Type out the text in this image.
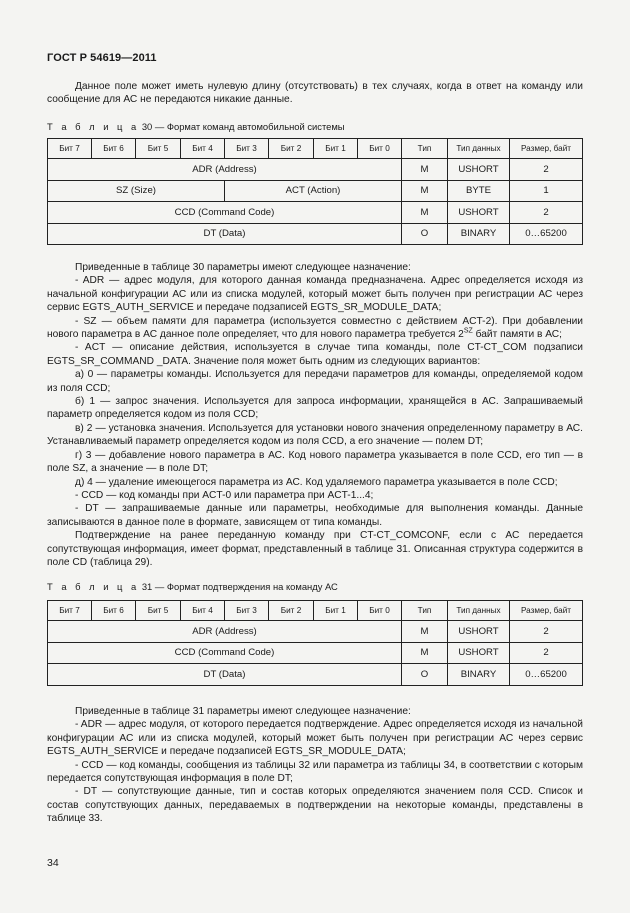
ГОСТ Р 54619—2011

Данное поле может иметь нулевую длину (отсутствовать) в тех случаях, когда в ответ на команду или сообщение для АС не передаются никакие данные.

Т а б л и ц а 30 — Формат команд автомобильной системы
Бит 7	Бит 6	Бит 5	Бит 4	Бит 3	Бит 2	Бит 1	Бит 0	Тип	Тип данных	Размер, байт
ADR (Address)								M	USHORT	2
SZ (Size)				ACT (Action)				M	BYTE	1
CCD (Command Code)								M	USHORT	2
DT (Data)								O	BINARY	0…65200

Приведенные в таблице 30 параметры имеют следующее назначение:

- ADR — адрес модуля, для которого данная команда предназначена. Адрес определяется исходя из начальной конфигурации АС или из списка модулей, который может быть получен при регистрации АС через сервис EGTS_AUTH_SERVICE и передаче подзаписей EGTS_SR_MODULE_DATA;

- SZ — объем памяти для параметра (используется совместно с действием ACT-2). При добавлении нового параметра в АС данное поле определяет, что для нового параметра требуется $2^{SZ}$ байт памяти в АС;

- ACT — описание действия, используется в случае типа команды, поле CT-CT_COM подзаписи EGTS_SR_COMMAND _DATA. Значение поля может быть одним из следующих вариантов:

а) 0 — параметры команды. Используется для передачи параметров для команды, определяемой кодом из поля CCD;

б) 1 — запрос значения. Используется для запроса информации, хранящейся в АС. Запрашиваемый параметр определяется кодом из поля CCD;

в) 2 — установка значения. Используется для установки нового значения определенному параметру в АС. Устанавливаемый параметр определяется кодом из поля CCD, а его значение — полем DT;

г) 3 — добавление нового параметра в АС. Код нового параметра указывается в поле CCD, его тип — в поле SZ, а значение — в поле DT;

д) 4 — удаление имеющегося параметра из АС. Код удаляемого параметра указывается в поле CCD;

- CCD — код команды при ACT-0 или параметра при ACT-1...4;

- DT — запрашиваемые данные или параметры, необходимые для выполнения команды. Данные записываются в данное поле в формате, зависящем от типа команды.

Подтверждение на ранее переданную команду при CT-CT_COMCONF, если с АС передается сопутствующая информация, имеет формат, представленный в таблице 31. Описанная структура содержится в поле CD (таблица 29).

Т а б л и ц а 31 — Формат подтверждения на команду АС
Бит 7	Бит 6	Бит 5	Бит 4	Бит 3	Бит 2	Бит 1	Бит 0	Тип	Тип данных	Размер, байт
ADR (Address)								M	USHORT	2
CCD (Command Code)								M	USHORT	2
DT (Data)								O	BINARY	0…65200

Приведенные в таблице 31 параметры имеют следующее назначение:

- ADR — адрес модуля, от которого передается подтверждение. Адрес определяется исходя из начальной конфигурации АС или из списка модулей, который может быть получен при регистрации АС через сервис EGTS_AUTH_SERVICE и передаче подзаписей EGTS_SR_MODULE_DATA;

- CCD — код команды, сообщения из таблицы 32 или параметра из таблицы 34, в соответствии с которым передается сопутствующая информация в поле DT;

- DT — сопутствующие данные, тип и состав которых определяются значением поля CCD. Список и состав сопутствующих данных, передаваемых в подтверждении на некоторые команды, представлены в таблице 33.

34
